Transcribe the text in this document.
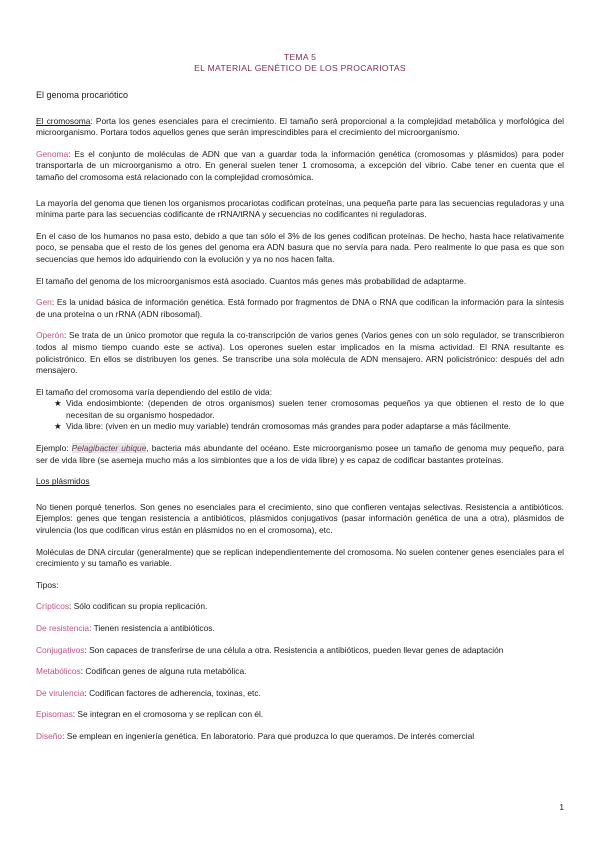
TEMA 5
EL MATERIAL GENÉTICO DE LOS PROCARIOTAS

El genoma procariótico

El cromosoma: Porta los genes esenciales para el crecimiento. El tamaño será proporcional a la complejidad metabólica y morfológica del microorganismo. Portara todos aquellos genes que serán imprescindibles para el crecimiento del microorganismo.

Genoma: Es el conjunto de moléculas de ADN que van a guardar toda la información genética (cromosomas y plásmidos) para poder transportarla de un microorganismo a otro. En general suelen tener 1 cromosoma, a excepción del vibrio. Cabe tener en cuenta que el tamaño del cromosoma está relacionado con la complejidad cromosómica.

La mayoría del genoma que tienen los organismos procariotas codifican proteínas, una pequeña parte para las secuencias reguladoras y una mínima parte para las secuencias codificante de rRNA/tRNA y secuencias no codificantes ni reguladoras.

En el caso de los humanos no pasa esto, debido a que tan sólo el 3% de los genes codifican proteínas. De hecho, hasta hace relativamente poco, se pensaba que el resto de los genes del genoma era ADN basura que no servía para nada. Pero realmente lo que pasa es que son secuencias que hemos ido adquiriendo con la evolución y ya no nos hacen falta.

El tamaño del genoma de los microorganismos está asociado. Cuantos más genes más probabilidad de adaptarme.

Gen: Es la unidad básica de información genética. Está formado por fragmentos de DNA o RNA que codifican la información para la síntesis de una proteína o un rRNA (ADN ribosomal).

Operón: Se trata de un único promotor que regula la co-transcripción de varios genes (Varios genes con un solo regulador, se transcribieron todos al mismo tiempo cuando este se activa). Los operones suelen estar implicados en la misma actividad. El RNA resultante es policistrónico. En ellos se distribuyen los genes. Se transcribe una sola molécula de ADN mensajero. ARN policistrónico: después del adn mensajero.

El tamaño del cromosoma varía dependiendo del estilo de vida:

★ Vida endosimbionte: (dependen de otros organismos) suelen tener cromosomas pequeños ya que obtienen el resto de lo que necesitan de su organismo hospedador.
★ Vida libre: (viven en un medio muy variable) tendrán cromosomas más grandes para poder adaptarse a más fácilmente.

Ejemplo: Pelagibacter ubique, bacteria más abundante del océano. Este microorganismo posee un tamaño de genoma muy pequeño, para ser de vida libre (se asemeja mucho más a los simbiontes que a los de vida libre) y es capaz de codificar bastantes proteínas.

Los plásmidos

No tienen porqué tenerlos. Son genes no esenciales para el crecimiento, sino que confieren ventajas selectivas. Resistencia a antibióticos. Ejemplos: genes que tengan resistencia a antibióticos, plásmidos conjugativos (pasar información genética de una a otra), plásmidos de virulencia (los que codifican virus están en plásmidos no en el cromosoma), etc.

Moléculas de DNA circular (generalmente) que se replican independientemente del cromosoma. No suelen contener genes esenciales para el crecimiento y su tamaño es variable.

Tipos:

Crípticos: Sólo codifican su propia replicación.

De resistencia: Tienen resistencia a antibióticos.

Conjugativos: Son capaces de transferirse de una célula a otra. Resistencia a antibióticos, pueden llevar genes de adaptación

Metabólicos: Codifican genes de alguna ruta metabólica.

De virulencia: Codifican factores de adherencia, toxinas, etc.

Episomas: Se integran en el cromosoma y se replican con él.

Diseño: Se emplean en ingeniería genética. En laboratorio. Para que produzca lo que queramos. De interés comercial

1
